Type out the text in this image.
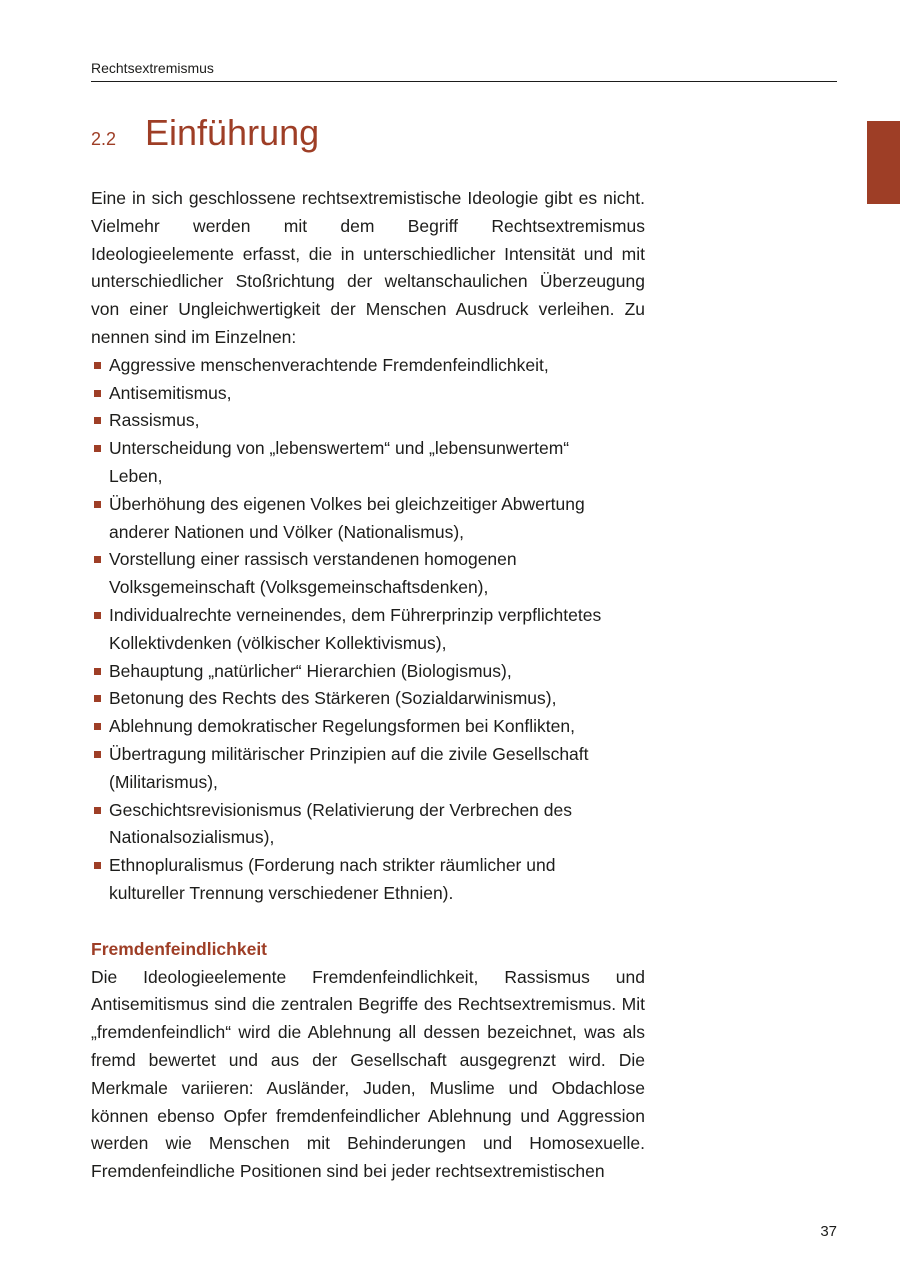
Rechtsextremismus
2.2 Einführung

Eine in sich geschlossene rechtsextremistische Ideologie gibt es nicht. Vielmehr werden mit dem Begriff Rechtsextremismus Ideologieelemente erfasst, die in unterschiedlicher Intensität und mit unterschiedlicher Stoßrichtung der weltanschaulichen Überzeugung von einer Ungleichwertigkeit der Menschen Ausdruck verleihen. Zu nennen sind im Einzelnen:

Aggressive menschenverachtende Fremdenfeindlichkeit,
Antisemitismus,
Rassismus,
Unterscheidung von „lebenswertem“ und „lebensunwertem“ Leben,
Überhöhung des eigenen Volkes bei gleichzeitiger Abwertung anderer Nationen und Völker (Nationalismus),
Vorstellung einer rassisch verstandenen homogenen Volksgemeinschaft (Volksgemeinschaftsdenken),
Individualrechte verneinendes, dem Führerprinzip verpflichtetes Kollektivdenken (völkischer Kollektivismus),
Behauptung „natürlicher“ Hierarchien (Biologismus),
Betonung des Rechts des Stärkeren (Sozialdarwinismus),
Ablehnung demokratischer Regelungsformen bei Konflikten,
Übertragung militärischer Prinzipien auf die zivile Gesellschaft (Militarismus),
Geschichtsrevisionismus (Relativierung der Verbrechen des Nationalsozialismus),
Ethnopluralismus (Forderung nach strikter räumlicher und kultureller Trennung verschiedener Ethnien).
Fremdenfeindlichkeit

Die Ideologieelemente Fremdenfeindlichkeit, Rassismus und Antisemitismus sind die zentralen Begriffe des Rechtsextremismus. Mit „fremdenfeindlich“ wird die Ablehnung all dessen bezeichnet, was als fremd bewertet und aus der Gesellschaft ausgegrenzt wird. Die Merkmale variieren: Ausländer, Juden, Muslime und Obdachlose können ebenso Opfer fremdenfeindlicher Ablehnung und Aggression werden wie Menschen mit Behinderungen und Homosexuelle. Fremdenfeindliche Positionen sind bei jeder rechtsextremistischen

37
